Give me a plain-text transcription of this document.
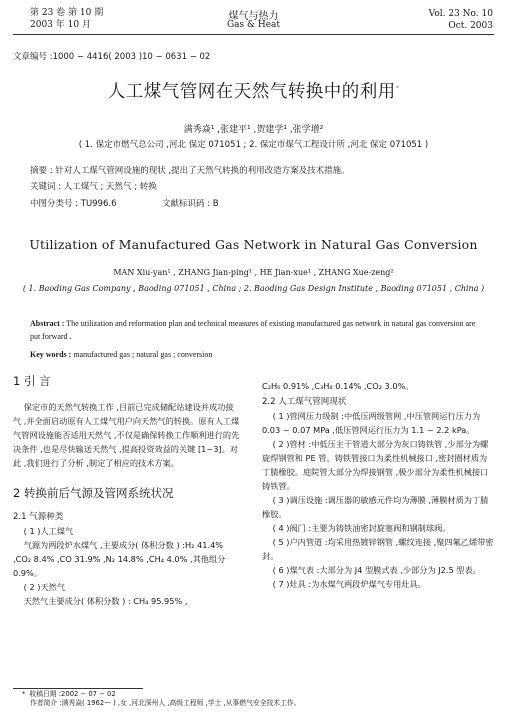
第 23 卷 第 10 期
2003 年 10 月
煤气与热力
Gas & Heat
Vol. 23 No. 10
Oct. 2003
文章编号 :1000 − 4416( 2003 )10 − 0631 − 02
人工煤气管网在天然气转换中的利用*
满秀焱¹ ,张建平¹ ,贺建学¹ ,张学增²
( 1. 保定市燃气总公司 ,河北 保定 071051 ; 2. 保定市煤气工程设计所 ,河北 保定 071051 )
摘要 : 针对人工煤气管网设施的现状 ,提出了天然气转换的利用改造方案及技术措施。
关键词 : 人工煤气 ; 天然气 ; 转换
中图分类号 : TU996.6	文献标识码 : B
Utilization of Manufactured Gas Network in Natural Gas Conversion
MAN Xiu-yan¹ , ZHANG Jian-ping¹ , HE Jian-xue¹ , ZHANG Xue-zeng²
( 1. Baoding Gas Company , Baoding 071051 , China ; 2. Baoding Gas Design Institute , Baoding 071051 , China )
Abstract : The utilization and reformation plan and technical measures of existing manufactured gas network in natural gas conversion are put forward .
Key words : manufactured gas ; natural gas ; conversion
1 引 言

保定市的天然气转换工作 ,目前已完成储配站建设并成功接气 ,并全面启动原有人工煤气用户向天然气的转换。原有人工煤气管网设施能否适用天然气 ,不仅是确保转换工作顺利进行的先决条件 ,也是尽快输送天然气 ,提高投资效益的关键 [1~3]。对此 ,我们进行了分析 ,制定了相应的技术方案。

2 转换前后气源及管网系统状况
2.1 气源种类

( 1 )人工煤气

气源为两段炉水煤气 ,主要成分( 体积分数 ) :H₂ 41.4% ,CO₂ 8.4% ,CO 31.9% ,N₂ 14.8% ,CH₄ 4.0% ,其他组分 0.9%。

( 2 )天然气

天然气主要成分( 体积分数 ) : CH₄ 95.95% ,

C₂H₆ 0.91% ,C₃H₈ 0.14% ,CO₂ 3.0%。

2.2 人工煤气管网现状

( 1 )管网压力级制 :中低压两级管网 ,中压管网运行压力为 0.03 ~ 0.07 MPa ,低压管网运行压力为 1.1 ~ 2.2 kPa。

( 2 )管材 :中低压主干管道大部分为灰口铸铁管 ,少部分为螺旋焊钢管和 PE 管。铸铁管接口为柔性机械接口 ,密封圈材质为丁腈橡胶。庭院管大部分为焊接钢管 ,极少部分为柔性机械接口铸铁管。

( 3 )调压设施 :调压器的敏感元件均为薄膜 ,薄膜材质为丁腈橡胶。

( 4 )阀门 :主要为铸铁油密封旋塞阀和钢制球阀。

( 5 )户内管道 :均采用热镀锌钢管 ,螺纹连接 ,聚四氟乙烯带密封。

( 6 )煤气表 :大部分为 J4 型膜式表 ,少部分为 J2.5 型表。

( 7 )灶具 :为水煤气两段炉煤气专用灶具。

* 收稿日期 :2002 − 07 − 02
作者简介 :满秀焱( 1962— ) ,女 ,河北深州人 ,高级工程师 ,学士 ,从事燃气安全技术工作。
